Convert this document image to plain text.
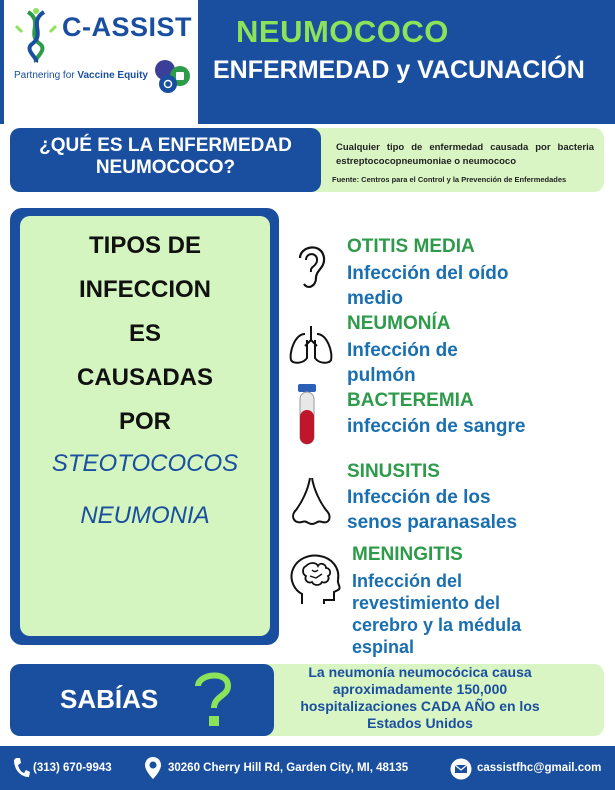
C-ASSIST
Partnering for Vaccine Equity
NEUMOCOCO
ENFERMEDAD y VACUNACIÓN
¿QUÉ ES LA ENFERMEDAD
NEUMOCOCO?
Cualquier tipo de enfermedad causada por bacteria estreptococopneumoniae o neumococo
Fuente: Centros para el Control y la Prevención de Enfermedades
TIPOS DE
INFECCION
ES
CAUSADAS
POR
STEOTOCOCOS
NEUMONIA
OTITIS MEDIA
Infección del oído
medio
NEUMONÍA
Infección de
pulmón
BACTEREMIA
infección de sangre
SINUSITIS
Infección de los
senos paranasales
MENINGITIS
Infección del
revestimiento del
cerebro y la médula
espinal
SABÍAS
La neumonía neumocócica causa
aproximadamente 150,000
hospitalizaciones CADA AÑO en los
Estados Unidos
(313) 670-9943	30260 Cherry Hill Rd, Garden City, MI, 48135	cassistfhc@gmail.com
